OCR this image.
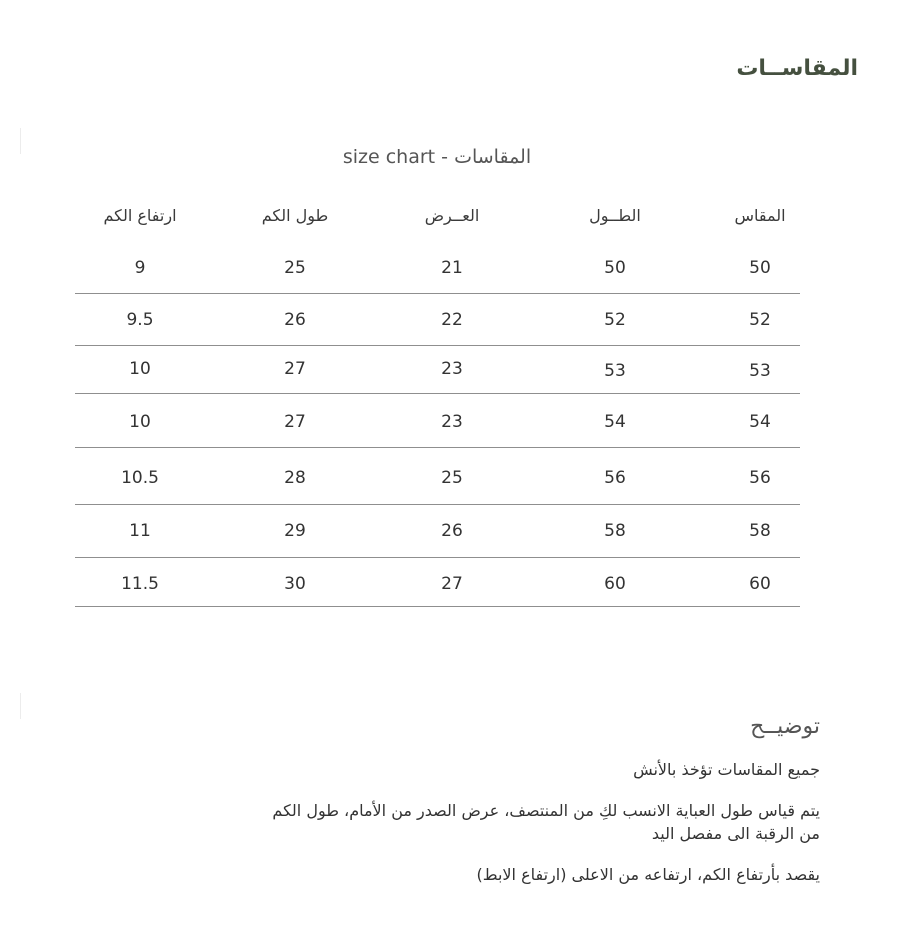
المقاســات
size chart - المقاسات
المقاس
الطــول
العــرض
طول الكم
ارتفاع الكم
50
50
21
25
9
52
52
22
26
9.5
53
53
23
27
10
54
54
23
27
10
56
56
25
28
10.5
58
58
26
29
11
60
60
27
30
11.5
توضيــح
جميع المقاسات تؤخذ بالأنش
يتم قياس طول العباية الانسب لكِ من المنتصف، عرض الصدر من الأمام، طول الكم من الرقبة الى مفصل اليد
يقصد بأرتفاع الكم، ارتفاعه من الاعلى (ارتفاع الابط)
